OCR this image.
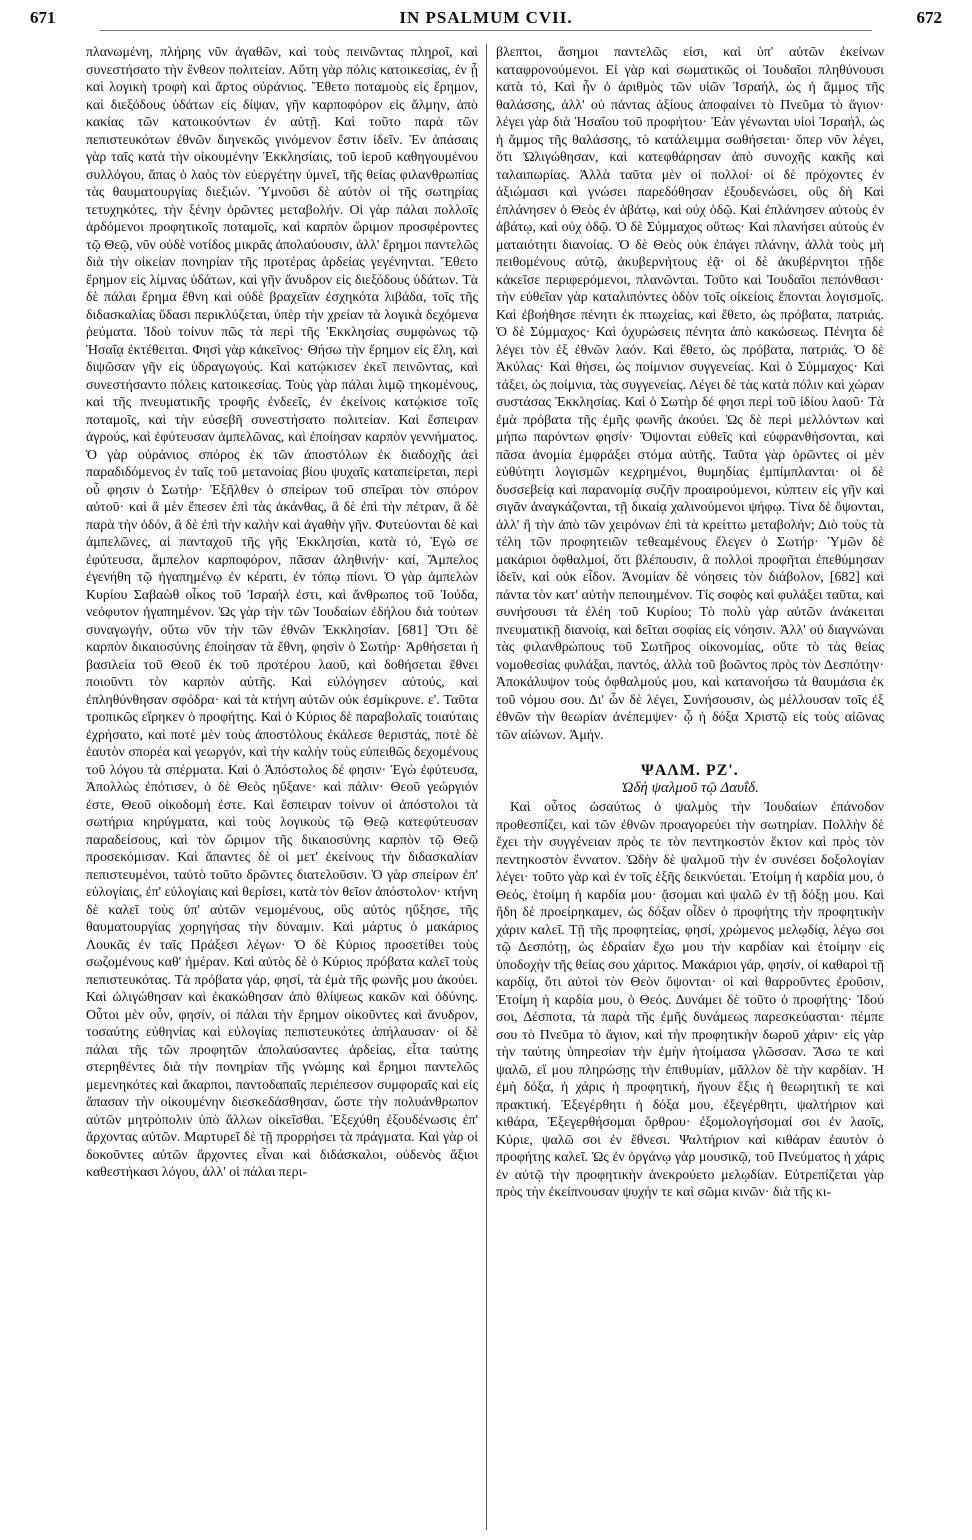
671	IN PSALMUM CVII.	672

πλανωμένη, πλήρης νῦν ἀγαθῶν, καὶ τοὺς πεινῶντας πληροῖ, καὶ συνεστήσατο τὴν ἔνθεον πολιτείαν. Αὕτη γὰρ πόλις κατοικεσίας, ἐν ᾗ καὶ λογικὴ τροφὴ καὶ ἄρτος οὐράνιος. Ἔθετο ποταμοὺς εἰς ἔρημον, καὶ διεξόδους ὑδάτων εἰς δίψαν, γῆν καρποφόρον εἰς ἅλμην, ἀπὸ κακίας τῶν κατοικούντων ἐν αὐτῇ. Καὶ τοῦτο παρὰ τῶν πεπιστευκότων ἐθνῶν διηνεκῶς γινόμενον ἔστιν ἰδεῖν. Ἐν ἁπάσαις γὰρ ταῖς κατὰ τὴν οἰκουμένην Ἐκκλησίαις, τοῦ ἱεροῦ καθηγουμένου συλλόγου, ἅπας ὁ λαὸς τὸν εὐεργέτην ὑμνεῖ, τῆς θείας φιλανθρωπίας τὰς θαυματουργίας διεξιών. Ὑμνοῦσι δὲ αὐτὸν οἱ τῆς σωτηρίας τετυχηκότες, τὴν ξένην ὁρῶντες μεταβολήν. Οἱ γὰρ πάλαι πολλοῖς ἀρδόμενοι προφητικοῖς ποταμοῖς, καὶ καρπὸν ὥριμον προσφέροντες τῷ Θεῷ, νῦν οὐδὲ νοτίδος μικρᾶς ἀπολαύουσιν, ἀλλ' ἔρημοι παντελῶς διὰ τὴν οἰκείαν πονηρίαν τῆς προτέρας ἀρδείας γεγένηνται. Ἔθετο ἔρημον εἰς λίμνας ὑδάτων, καὶ γῆν ἄνυδρον εἰς διεξόδους ὑδάτων. Τὰ δὲ πάλαι ἔρημα ἔθνη καὶ οὐδὲ βραχεῖαν ἐσχηκότα λιβάδα, τοῖς τῆς διδασκαλίας ὕδασι περικλύζεται, ὑπὲρ τὴν χρείαν τὰ λογικὰ δεχόμενα ῥεύματα. Ἰδοὺ τοίνυν πῶς τὰ περὶ τῆς Ἐκκλησίας συμφώνως τῷ Ἡσαΐᾳ ἐκτέθειται. Φησὶ γὰρ κἀκεῖνος· Θήσω τὴν ἔρημον εἰς ἕλη, καὶ διψῶσαν γῆν εἰς ὑδραγωγούς. Καὶ κατῴκισεν ἐκεῖ πεινῶντας, καὶ συνεστήσαντο πόλεις κατοικεσίας. Τοὺς γὰρ πάλαι λιμῷ τηκομένους, καὶ τῆς πνευματικῆς τροφῆς ἐνδεεῖς, ἐν ἐκείνοις κατῴκισε τοῖς ποταμοῖς, καὶ τὴν εὐσεβῆ συνεστήσατο πολιτείαν. Καὶ ἔσπειραν ἀγρούς, καὶ ἐφύτευσαν ἀμπελῶνας, καὶ ἐποίησαν καρπὸν γεννήματος. Ὁ γὰρ οὐράνιος σπόρος ἐκ τῶν ἀποστόλων ἐκ διαδοχῆς ἀεὶ παραδιδόμενος ἐν ταῖς τοῦ μετανοίας βίου ψυχαῖς καταπείρεται, περὶ οὗ φησιν ὁ Σωτήρ· Ἐξῆλθεν ὁ σπείρων τοῦ σπεῖραι τὸν σπόρον αὐτοῦ· καὶ ἃ μὲν ἔπεσεν ἐπὶ τὰς ἀκάνθας, ἃ δὲ ἐπὶ τὴν πέτραν, ἃ δὲ παρὰ τὴν ὁδόν, ἃ δὲ ἐπὶ τὴν καλὴν καὶ ἀγαθὴν γῆν. Φυτεύονται δὲ καὶ ἀμπελῶνες, αἱ πανταχοῦ τῆς γῆς Ἐκκλησίαι, κατὰ τό, Ἐγὼ σε ἐφύτευσα, ἄμπελον καρποφόρον, πᾶσαν ἀληθινήν· καί, Ἄμπελος ἐγενήθη τῷ ἠγαπημένῳ ἐν κέρατι, ἐν τόπῳ πίονι. Ὁ γὰρ ἀμπελὼν Κυρίου Σαβαὼθ οἶκος τοῦ Ἰσραήλ ἐστι, καὶ ἄνθρωπος τοῦ Ἰούδα, νεόφυτον ἠγαπημένον. Ὡς γὰρ τὴν τῶν Ἰουδαίων ἐδήλου διὰ τούτων συναγωγήν, οὕτω νῦν τὴν τῶν ἐθνῶν Ἐκκλησίαν. [681] Ὅτι δὲ καρπὸν δικαιοσύνης ἐποίησαν τὰ ἔθνη, φησὶν ὁ Σωτήρ· Ἀρθήσεται ἡ βασιλεία τοῦ Θεοῦ ἐκ τοῦ προτέρου λαοῦ, καὶ δοθήσεται ἔθνει ποιοῦντι τὸν καρπὸν αὐτῆς. Καὶ εὐλόγησεν αὐτούς, καὶ ἐπληθύνθησαν σφόδρα· καὶ τὰ κτήνη αὐτῶν οὐκ ἐσμίκρυνε. ε'. Ταῦτα τροπικῶς εἴρηκεν ὁ προφήτης. Καὶ ὁ Κύριος δὲ παραβολαῖς τοιαύταις ἐχρήσατο, καὶ ποτὲ μὲν τοὺς ἀποστόλους ἐκάλεσε θεριστάς, ποτὲ δὲ ἑαυτὸν σπορέα καὶ γεωργόν, καὶ τὴν καλὴν τοὺς εὐπειθῶς δεχομένους τοῦ λόγου τὰ σπέρματα. Καὶ ὁ Ἀπόστολος δέ φησιν· Ἐγὼ ἐφύτευσα, Ἀπολλὼς ἐπότισεν, ὁ δὲ Θεὸς ηὔξανε· καὶ πάλιν· Θεοῦ γεώργιόν ἐστε, Θεοῦ οἰκοδομή ἐστε. Καὶ ἔσπειραν τοίνυν οἱ ἀπόστολοι τὰ σωτήρια κηρύγματα, καὶ τοὺς λογικοὺς τῷ Θεῷ κατεφύτευσαν παραδείσους, καὶ τὸν ὥριμον τῆς δικαιοσύνης καρπὸν τῷ Θεῷ προσεκόμισαν. Καὶ ἅπαντες δὲ οἱ μετ' ἐκείνους τὴν διδασκαλίαν πεπιστευμένοι, ταὐτὸ τοῦτο δρῶντες διατελοῦσιν. Ὁ γὰρ σπείρων ἐπ' εὐλογίαις, ἐπ' εὐλογίαις καὶ θερίσει, κατὰ τὸν θεῖον ἀπόστολον· κτήνη δὲ καλεῖ τοὺς ὑπ' αὐτῶν νεμομένους, οὓς αὐτὸς ηὔξησε, τῆς θαυματουργίας χορηγήσας τὴν δύναμιν. Καὶ μάρτυς ὁ μακάριος Λουκᾶς ἐν ταῖς Πράξεσι λέγων· Ὁ δὲ Κύριος προσετίθει τοὺς σωζομένους καθ' ἡμέραν. Καὶ αὐτὸς δὲ ὁ Κύριος πρόβατα καλεῖ τοὺς πεπιστευκότας. Τὰ πρόβατα γάρ, φησί, τὰ ἐμὰ τῆς φωνῆς μου ἀκούει. Καὶ ὠλιγώθησαν καὶ ἐκακώθησαν ἀπὸ θλίψεως κακῶν καὶ ὀδύνης. Οὗτοι μὲν οὖν, φησίν, οἱ πάλαι τὴν ἔρημον οἰκοῦντες καὶ ἄνυδρον, τοσαύτης εὐθηνίας καὶ εὐλογίας πεπιστευκότες ἀπήλαυσαν· οἱ δὲ πάλαι τῆς τῶν προφητῶν ἀπολαύσαντες ἀρδείας, εἶτα ταύτης στερηθέντες διὰ τὴν πονηρίαν τῆς γνώμης καὶ ἔρημοι παντελῶς μεμενηκότες καὶ ἄκαρποι, παντοδαπαῖς περιέπεσον συμφοραῖς καὶ εἰς ἅπασαν τὴν οἰκουμένην διεσκεδάσθησαν, ὥστε τὴν πολυάνθρωπον αὐτῶν μητρόπολιν ὑπὸ ἄλλων οἰκεῖσθαι. Ἐξεχύθη ἐξουδένωσις ἐπ' ἄρχοντας αὐτῶν. Μαρτυρεῖ δὲ τῇ προρρήσει τὰ πράγματα. Καὶ γὰρ οἱ δοκοῦντες αὐτῶν ἄρχοντες εἶναι καὶ διδάσκαλοι, οὐδενὸς ἄξιοι καθεστήκασι λόγου, ἀλλ' οἱ πάλαι περι-

βλεπτοι, ἄσημοι παντελῶς εἰσι, καὶ ὑπ' αὐτῶν ἐκείνων καταφρονούμενοι. Εἰ γὰρ καὶ σωματικῶς οἱ Ἰουδαῖοι πληθύνουσι κατὰ τό, Καὶ ἦν ὁ ἀριθμὸς τῶν υἱῶν Ἰσραήλ, ὡς ἡ ἄμμος τῆς θαλάσσης, ἀλλ' οὐ πάντας ἀξίους ἀποφαίνει τὸ Πνεῦμα τὸ ἅγιον· λέγει γὰρ διὰ Ἡσαΐου τοῦ προφήτου· Ἐὰν γένωνται υἱοὶ Ἰσραήλ, ὡς ἡ ἄμμος τῆς θαλάσσης, τὸ κατάλειμμα σωθήσεται· ὅπερ νῦν λέγει, ὅτι Ὠλιγώθησαν, καὶ κατεφθάρησαν ἀπὸ συνοχῆς κακῆς καὶ ταλαιπωρίας. Ἀλλὰ ταῦτα μὲν οἱ πολλοί· οἱ δὲ πρόχοντες ἐν ἀξιώμασι καὶ γνώσει παρεδόθησαν ἐξουδενώσει, οὓς δὴ Καὶ ἐπλάνησεν ὁ Θεὸς ἐν ἀβάτῳ, καὶ οὐχ ὁδῷ. Καὶ ἐπλάνησεν αὐτοὺς ἐν ἀβάτῳ, καὶ οὐχ ὁδῷ. Ὁ δὲ Σύμμαχος οὕτως· Καὶ πλανήσει αὐτοὺς ἐν ματαιότητι διανοίας. Ὁ δὲ Θεὸς οὐκ ἐπάγει πλάνην, ἀλλὰ τοὺς μὴ πειθομένους αὐτῷ, ἀκυβερνήτους ἐᾷ· οἱ δὲ ἀκυβέρνητοι τῇδε κἀκεῖσε περιφερόμενοι, πλανῶνται. Τοῦτο καὶ Ἰουδαῖοι πεπόνθασι· τὴν εὐθεῖαν γὰρ καταλιπόντες ὁδὸν τοῖς οἰκείοις ἕπονται λογισμοῖς. Καὶ ἐβοήθησε πένητι ἐκ πτωχείας, καὶ ἔθετο, ὡς πρόβατα, πατριάς. Ὁ δὲ Σύμμαχος· Καὶ ὀχυρώσεις πένητα ἀπὸ κακώσεως. Πένητα δὲ λέγει τὸν ἐξ ἐθνῶν λαόν. Καὶ ἔθετο, ὡς πρόβατα, πατριάς. Ὁ δὲ Ἀκύλας· Καὶ θήσει, ὡς ποίμνιον συγγενείας. Καὶ ὁ Σύμμαχος· Καὶ τάξει, ὡς ποίμνια, τὰς συγγενείας. Λέγει δὲ τὰς κατὰ πόλιν καὶ χώραν συστάσας Ἐκκλησίας. Καὶ ὁ Σωτὴρ δέ φησι περὶ τοῦ ἰδίου λαοῦ· Τὰ ἐμὰ πρόβατα τῆς ἐμῆς φωνῆς ἀκούει. Ὡς δὲ περὶ μελλόντων καὶ μήπω παρόντων φησίν· Ὄψονται εὐθεῖς καὶ εὐφρανθήσονται, καὶ πᾶσα ἀνομία ἐμφράξει στόμα αὐτῆς. Ταῦτα γὰρ ὁρῶντες οἱ μὲν εὐθύτητι λογισμῶν κεχρημένοι, θυμηδίας ἐμπίμπλανται· οἱ δὲ δυσσεβείᾳ καὶ παρανομίᾳ συζῆν προαιρούμενοι, κύπτειν εἰς γῆν καὶ σιγᾶν ἀναγκάζονται, τῇ δικαίᾳ χαλινούμενοι ψήφῳ. Τίνα δὲ ὄψονται, ἀλλ' ἢ τὴν ἀπὸ τῶν χειρόνων ἐπὶ τὰ κρείττω μεταβολήν; Διὸ τοὺς τὰ τέλη τῶν προφητειῶν τεθεαμένους ἔλεγεν ὁ Σωτήρ· Ὑμῶν δὲ μακάριοι ὀφθαλμοί, ὅτι βλέπουσιν, ἃ πολλοὶ προφῆται ἐπεθύμησαν ἰδεῖν, καὶ οὐκ εἶδον. Ἀνομίαν δὲ νόησεις τὸν διάβολον, [682] καὶ πάντα τὸν κατ' αὐτὴν πεποιημένον. Τίς σοφὸς καὶ φυλάξει ταῦτα, καὶ συνήσουσι τὰ ἐλέη τοῦ Κυρίου; Τὸ πολὺ γὰρ αὐτῶν ἀνάκειται πνευματικῇ διανοίᾳ, καὶ δεῖται σοφίας εἰς νόησιν. Ἀλλ' οὐ διαγνώναι τὰς φιλανθρώπους τοῦ Σωτῆρος οἰκονομίας, οὔτε τὸ τὰς θείας νομοθεσίας φυλάξαι, παντός, ἀλλὰ τοῦ βοῶντος πρὸς τὸν Δεσπότην· Ἀποκάλυψον τοὺς ὀφθαλμούς μου, καὶ κατανοήσω τὰ θαυμάσια ἐκ τοῦ νόμου σου. Δι' ὧν δὲ λέγει, Συνήσουσιν, ὡς μέλλουσαν τοῖς ἐξ ἐθνῶν τὴν θεωρίαν ἀνέπεμψεν· ᾧ ἡ δόξα Χριστῷ εἰς τοὺς αἰῶνας τῶν αἰώνων. Ἀμήν.

ΨΑΛΜ. ΡΖ'.
Ὠδὴ ψαλμοῦ τῷ Δαυΐδ.

Καὶ οὗτος ὡσαύτως ὁ ψαλμὸς τὴν Ἰουδαίων ἐπάνοδον προθεσπίζει, καὶ τῶν ἐθνῶν προαγορεύει τὴν σωτηρίαν. Πολλὴν δὲ ἔχει τὴν συγγένειαν πρὸς τε τὸν πεντηκοστὸν ἕκτον καὶ πρὸς τὸν πεντηκοστὸν ἔννατον. Ὠδὴν δὲ ψαλμοῦ τὴν ἐν συνέσει δοξολογίαν λέγει· τοῦτο γὰρ καὶ ἐν τοῖς ἑξῆς δεικνύεται. Ἑτοίμη ἡ καρδία μου, ὁ Θεός, ἑτοίμη ἡ καρδία μου· ᾄσομαι καὶ ψαλῶ ἐν τῇ δόξῃ μου. Καὶ ἤδη δὲ προείρηκαμεν, ὡς δόξαν οἶδεν ὁ προφήτης τὴν προφητικὴν χάριν καλεῖ. Τῇ τῆς προφητείας, φησί, χρώμενος μελῳδίᾳ, λέγω σοι τῷ Δεσπότῃ, ὡς ἑδραίαν ἔχω μου τὴν καρδίαν καὶ ἑτοίμην εἰς ὑποδοχὴν τῆς θείας σου χάριτος. Μακάριοι γάρ, φησίν, οἱ καθαροὶ τῇ καρδίᾳ, ὅτι αὐτοὶ τὸν Θεὸν ὄψονται· οἱ καὶ θαρροῦντες ἐροῦσιν, Ἑτοίμη ἡ καρδία μου, ὁ Θεός. Δυνάμει δὲ τοῦτο ὁ προφήτης· Ἰδού σοι, Δέσποτα, τὰ παρὰ τῆς ἐμῆς δυνάμεως παρεσκεύασται· πέμπε σου τὸ Πνεῦμα τὸ ἅγιον, καὶ τὴν προφητικὴν δωροῦ χάριν· εἰς γὰρ τὴν ταύτης ὑπηρεσίαν τὴν ἐμὴν ἡτοίμασα γλῶσσαν. Ἄσω τε καὶ ψαλῶ, εἴ μου πληρώσῃς τὴν ἐπιθυμίαν, μᾶλλον δὲ τὴν καρδίαν. Ἡ ἐμὴ δόξα, ἡ χάρις ἡ προφητική, ἥγουν ἕξις ἡ θεωρητικὴ τε καὶ πρακτική. Ἐξεγέρθητι ἡ δόξα μου, ἐξεγέρθητι, ψαλτήριον καὶ κιθάρα, Ἐξεγερθήσομαι ὄρθρου· ἐξομολογήσομαί σοι ἐν λαοῖς, Κύριε, ψαλῶ σοι ἐν ἔθνεσι. Ψαλτήριον καὶ κιθάραν ἑαυτὸν ὁ προφήτης καλεῖ. Ὡς ἐν ὀργάνῳ γὰρ μουσικῷ, τοῦ Πνεύματος ἡ χάρις ἐν αὐτῷ τὴν προφητικὴν ἀνεκρούετο μελῳδίαν. Εὐτρεπίζεται γὰρ πρὸς τὴν ἐκείπνουσαν ψυχήν τε καὶ σῶμα κινῶν· διὰ τῆς κι-
